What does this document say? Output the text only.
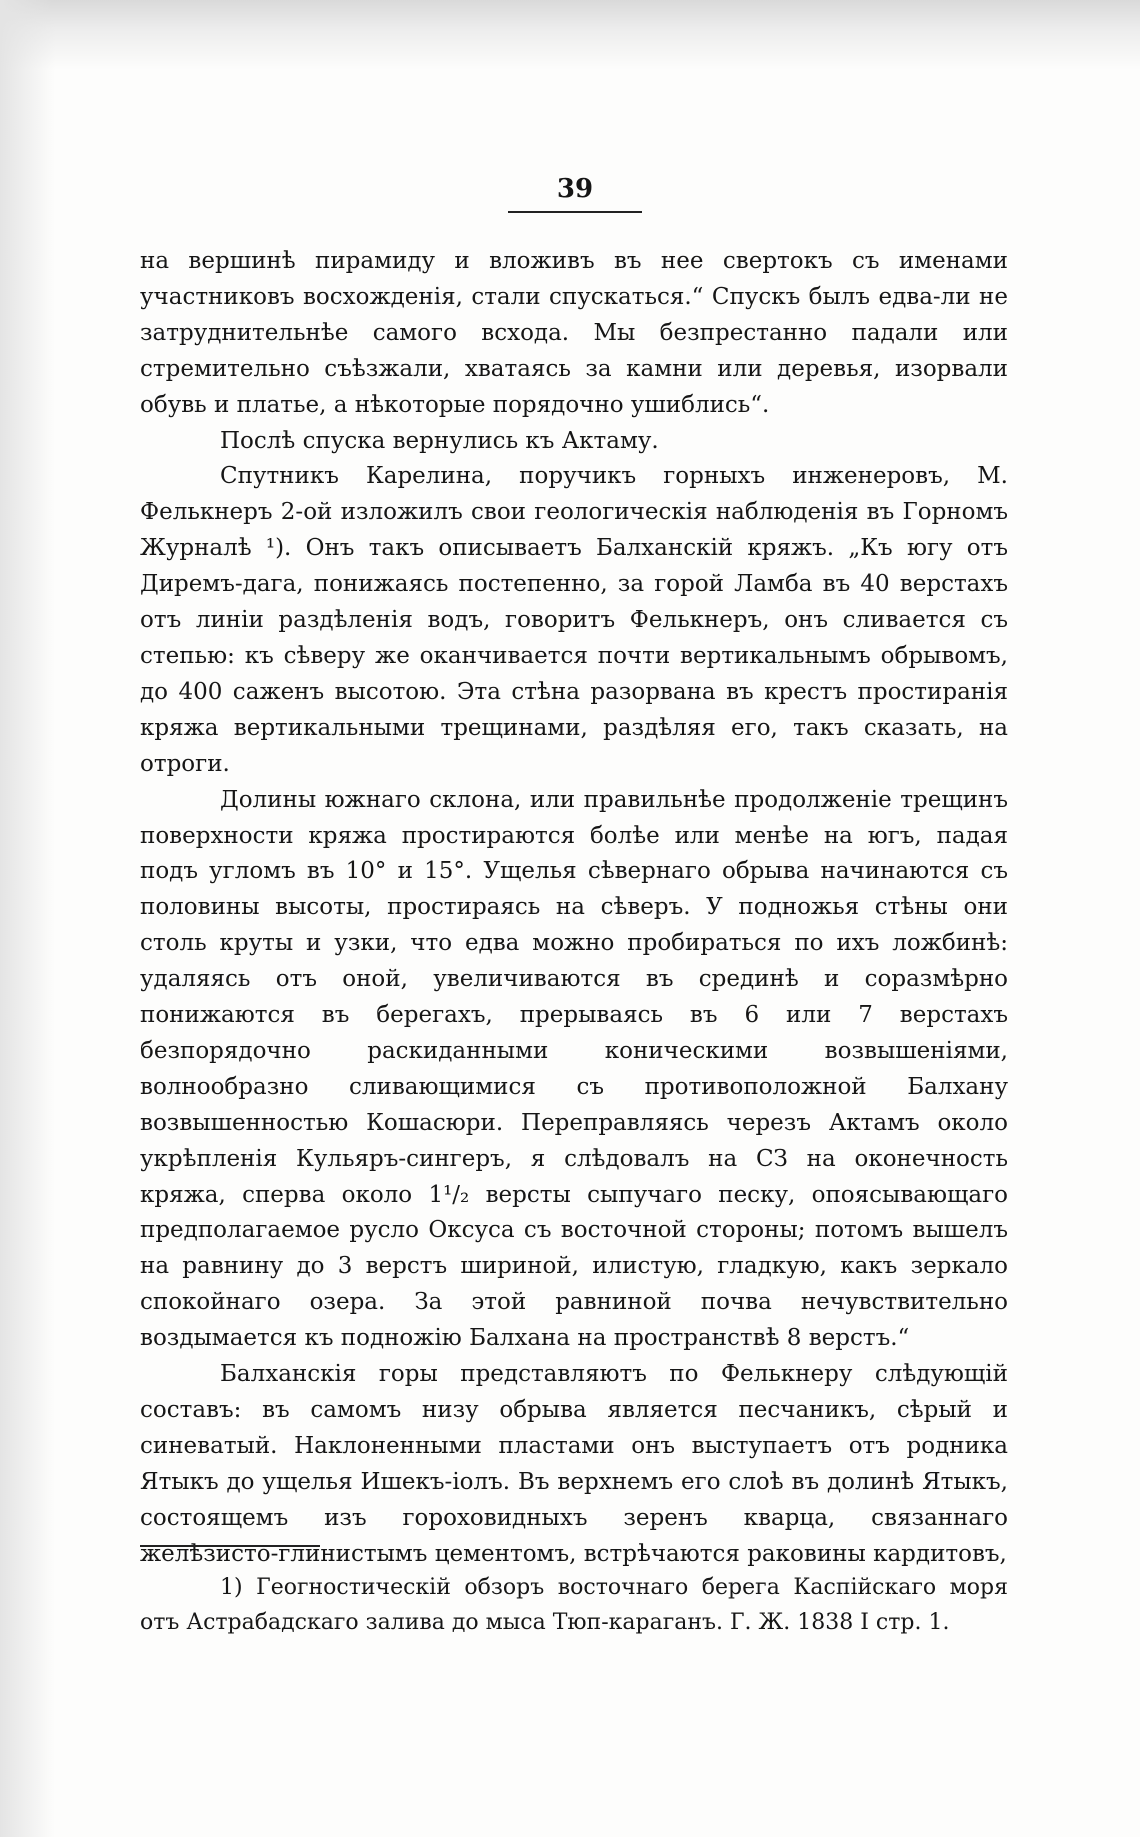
39

на вершинѣ пирамиду и вложивъ въ нее свертокъ съ именами участниковъ восхожденія, стали спускаться.“ Спускъ былъ едва-ли не затруднительнѣе самого всхода. Мы безпрестанно падали или стремительно съѣзжали, хватаясь за камни или деревья, изорвали обувь и платье, а нѣкоторые порядочно ушиблись“.

Послѣ спуска вернулись къ Актаму.

Спутникъ Карелина, поручикъ горныхъ инженеровъ, М. Фелькнеръ 2-ой изложилъ свои геологическія наблюденія въ Горномъ Журналѣ ¹). Онъ такъ описываетъ Балханскій кряжъ. „Къ югу отъ Диремъ-дага, понижаясь постепенно, за горой Ламба въ 40 верстахъ отъ линіи раздѣленія водъ, говоритъ Фелькнеръ, онъ сливается съ степью: къ сѣверу же оканчивается почти вертикальнымъ обрывомъ, до 400 саженъ высотою. Эта стѣна разорвана въ крестъ простиранія кряжа вертикальными трещинами, раздѣляя его, такъ сказать, на отроги.

Долины южнаго склона, или правильнѣе продолженіе трещинъ поверхности кряжа простираются болѣе или менѣе на югъ, падая подъ угломъ въ 10° и 15°. Ущелья сѣвернаго обрыва начинаются съ половины высоты, простираясь на сѣверъ. У подножья стѣны они столь круты и узки, что едва можно пробираться по ихъ ложбинѣ: удаляясь отъ оной, увеличиваются въ срединѣ и соразмѣрно понижаются въ берегахъ, прерываясь въ 6 или 7 верстахъ безпорядочно раскиданными коническими возвышеніями, волнообразно сливающимися съ противоположной Балхану возвышенностью Кошасюри. Переправляясь черезъ Актамъ около укрѣпленія Кульяръ-сингеръ, я слѣдовалъ на СЗ на оконечность кряжа, сперва около 1¹/₂ версты сыпучаго песку, опоясывающаго предполагаемое русло Оксуса съ восточной стороны; потомъ вышелъ на равнину до 3 верстъ шириной, илистую, гладкую, какъ зеркало спокойнаго озера. За этой равниной почва нечувствительно воздымается къ подножію Балхана на пространствѣ 8 верстъ.“

Балханскія горы представляютъ по Фелькнеру слѣдующій составъ: въ самомъ низу обрыва является песчаникъ, сѣрый и синеватый. Наклоненными пластами онъ выступаетъ отъ родника Ятыкъ до ущелья Ишекъ-іолъ. Въ верхнемъ его слоѣ въ долинѣ Ятыкъ, состоящемъ изъ гороховидныхъ зеренъ кварца, связаннаго желѣзисто-глинистымъ цементомъ, встрѣчаются раковины кардитовъ,

1) Геогностическій обзоръ восточнаго берега Каспійскаго моря отъ Астрабадскаго залива до мыса Тюп-караганъ. Г. Ж. 1838 I стр. 1.
